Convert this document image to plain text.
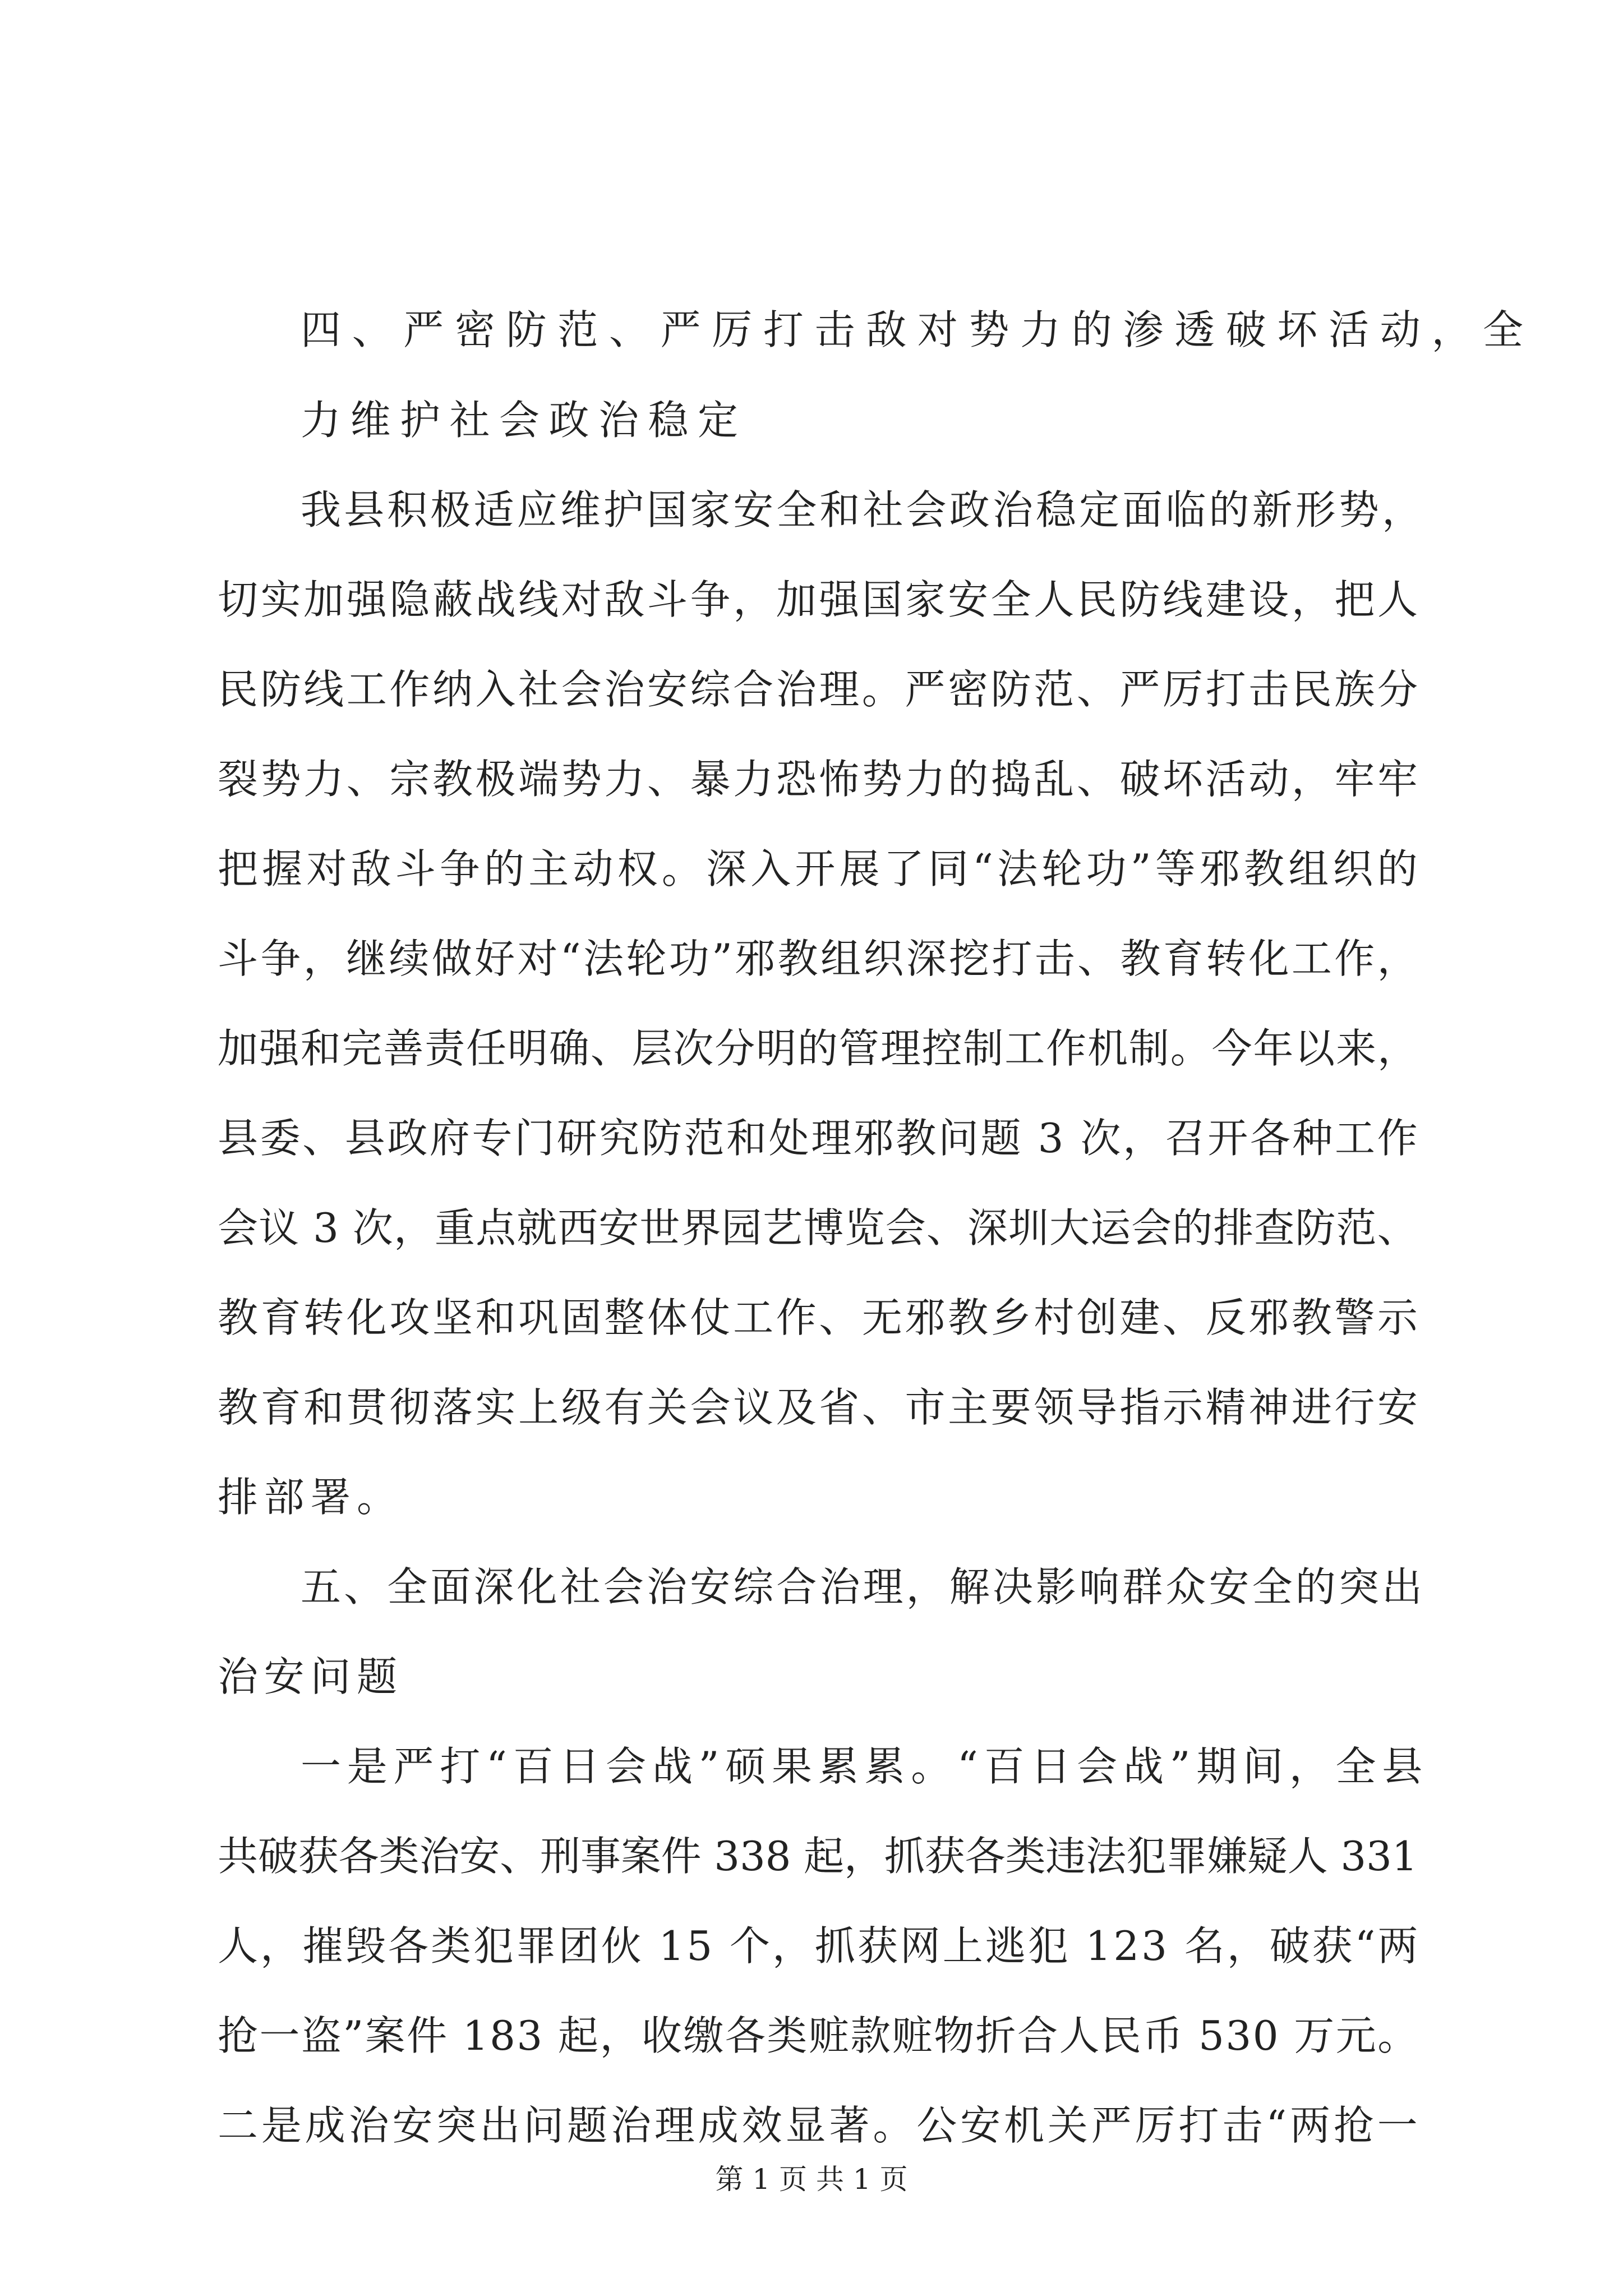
四、严密防范、严厉打击敌对势力的渗透破坏活动，全
力维护社会政治稳定
我县积极适应维护国家安全和社会政治稳定面临的新形势，
切实加强隐蔽战线对敌斗争，加强国家安全人民防线建设，把人
民防线工作纳入社会治安综合治理。严密防范、严厉打击民族分
裂势力、宗教极端势力、暴力恐怖势力的捣乱、破坏活动，牢牢
把握对敌斗争的主动权。深入开展了同“法轮功”等邪教组织的
斗争，继续做好对“法轮功”邪教组织深挖打击、教育转化工作，
加强和完善责任明确、层次分明的管理控制工作机制。今年以来，
县委、县政府专门研究防范和处理邪教问题 3 次，召开各种工作
会议 3 次，重点就西安世界园艺博览会、深圳大运会的排查防范、
教育转化攻坚和巩固整体仗工作、无邪教乡村创建、反邪教警示
教育和贯彻落实上级有关会议及省、市主要领导指示精神进行安
排部署。
五、全面深化社会治安综合治理，解决影响群众安全的突出
治安问题
一是严打“百日会战”硕果累累。“百日会战”期间，全县
共破获各类治安、刑事案件 338 起，抓获各类违法犯罪嫌疑人 331
人，摧毁各类犯罪团伙 15 个，抓获网上逃犯 123 名，破获“两
抢一盗”案件 183 起，收缴各类赃款赃物折合人民币 530 万元。
二是成治安突出问题治理成效显著。公安机关严厉打击“两抢一
第 1 页 共 1 页
